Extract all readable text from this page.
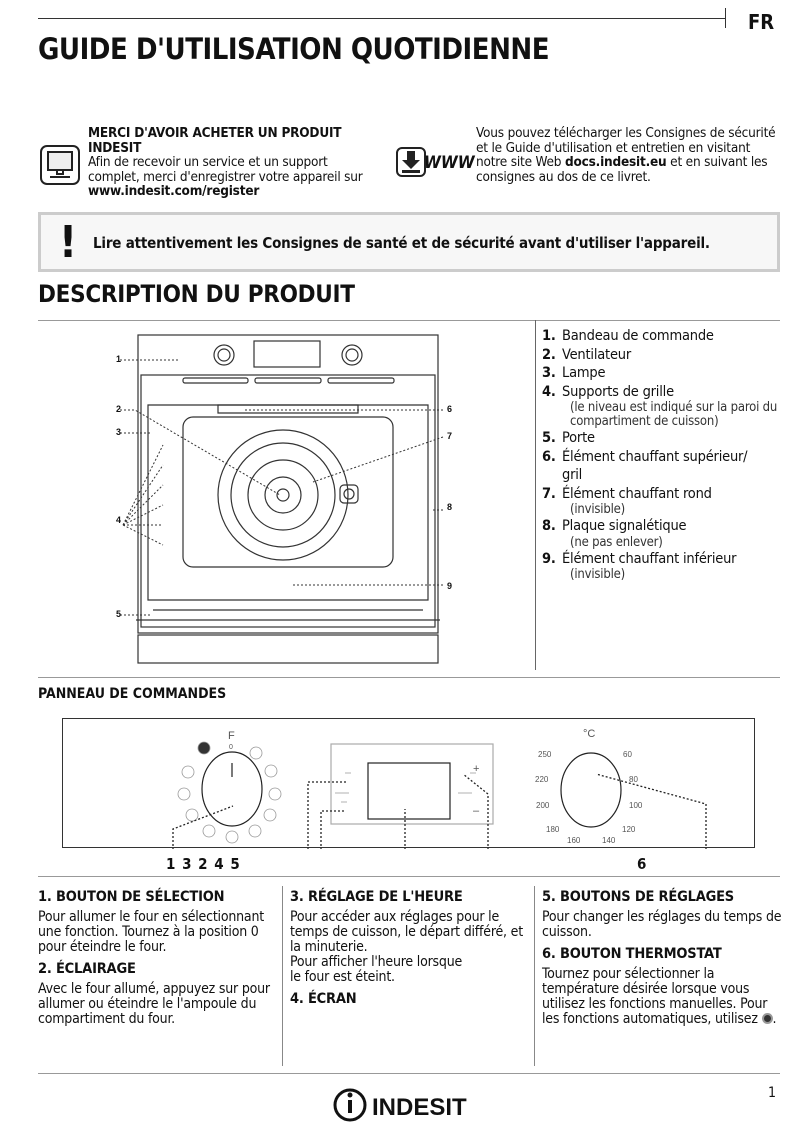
FR
GUIDE D'UTILISATION QUOTIDIENNE
MERCI D'AVOIR ACHETER UN PRODUIT INDESIT
Afin de recevoir un service et un support complet, merci d'enregistrer votre appareil sur www.indesit.com/register
WWW
Vous pouvez télécharger les Consignes de sécurité et le Guide d'utilisation et entretien en visitant notre site Web docs.indesit.eu et en suivant les consignes au dos de ce livret.
! Lire attentivement les Consignes de santé et de sécurité avant d'utiliser l'appareil.
DESCRIPTION DU PRODUIT
1
2
3
4
5
6
7
8
9
1. Bandeau de commande
2. Ventilateur
3. Lampe
4. Supports de grille
(le niveau est indiqué sur la paroi du compartiment de cuisson)
5. Porte
6. Élément chauffant supérieur/
gril
7. Élément chauffant rond
(invisible)
8. Plaque signalétique
(ne pas enlever)
9. Élément chauffant inférieur
(invisible)
PANNEAU DE COMMANDES
F
0
°C
+
–
250
220
200
180
160	140
120
100
80
60
1 3 2 4 5	6
1. BOUTON DE SÉLECTION

Pour allumer le four en sélectionnant une fonction. Tournez à la position 0 pour éteindre le four.

2. ÉCLAIRAGE

Avec le four allumé, appuyez sur pour allumer ou éteindre le l'ampoule du compartiment du four.

3. RÉGLAGE DE L'HEURE

Pour accéder aux réglages pour le temps de cuisson, le départ différé, et la minuterie.

Pour afficher l'heure lorsque le four est éteint.

4. ÉCRAN
5. BOUTONS DE RÉGLAGES

Pour changer les réglages du temps de cuisson.

6. BOUTON THERMOSTAT

Tournez pour sélectionner la température désirée lorsque vous utilisez les fonctions manuelles. Pour les fonctions automatiques, utilisez .

INDESIT
1
